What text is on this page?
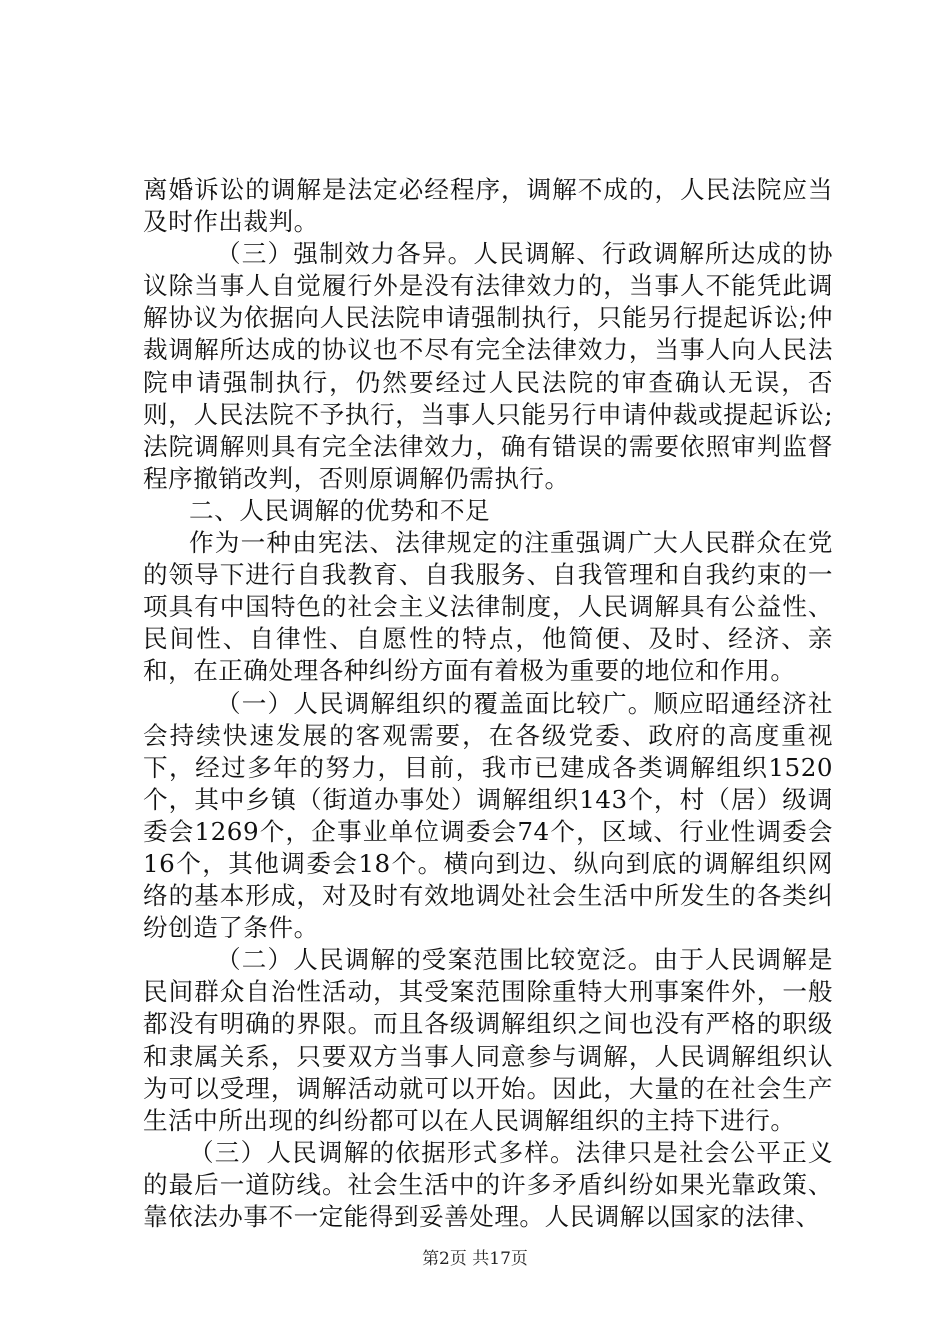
离婚诉讼的调解是法定必经程序，调解不成的，人民法院应当及时作出裁判。

（三）强制效力各异。人民调解、行政调解所达成的协议除当事人自觉履行外是没有法律效力的，当事人不能凭此调解协议为依据向人民法院申请强制执行，只能另行提起诉讼;仲裁调解所达成的协议也不尽有完全法律效力，当事人向人民法院申请强制执行，仍然要经过人民法院的审查确认无误，否则，人民法院不予执行，当事人只能另行申请仲裁或提起诉讼;法院调解则具有完全法律效力，确有错误的需要依照审判监督程序撤销改判，否则原调解仍需执行。

二、人民调解的优势和不足

作为一种由宪法、法律规定的注重强调广大人民群众在党的领导下进行自我教育、自我服务、自我管理和自我约束的一项具有中国特色的社会主义法律制度，人民调解具有公益性、民间性、自律性、自愿性的特点，他简便、及时、经济、亲和，在正确处理各种纠纷方面有着极为重要的地位和作用。

（一）人民调解组织的覆盖面比较广。顺应昭通经济社会持续快速发展的客观需要，在各级党委、政府的高度重视下，经过多年的努力，目前，我市已建成各类调解组织1520个，其中乡镇（街道办事处）调解组织143个，村（居）级调委会1269个，企事业单位调委会74个，区域、行业性调委会16个，其他调委会18个。横向到边、纵向到底的调解组织网络的基本形成，对及时有效地调处社会生活中所发生的各类纠纷创造了条件。

（二）人民调解的受案范围比较宽泛。由于人民调解是民间群众自治性活动，其受案范围除重特大刑事案件外，一般都没有明确的界限。而且各级调解组织之间也没有严格的职级和隶属关系，只要双方当事人同意参与调解，人民调解组织认为可以受理，调解活动就可以开始。因此，大量的在社会生产生活中所出现的纠纷都可以在人民调解组织的主持下进行。

（三）人民调解的依据形式多样。法律只是社会公平正义的最后一道防线。社会生活中的许多矛盾纠纷如果光靠政策、靠依法办事不一定能得到妥善处理。人民调解以国家的法律、

第2页 共17页
